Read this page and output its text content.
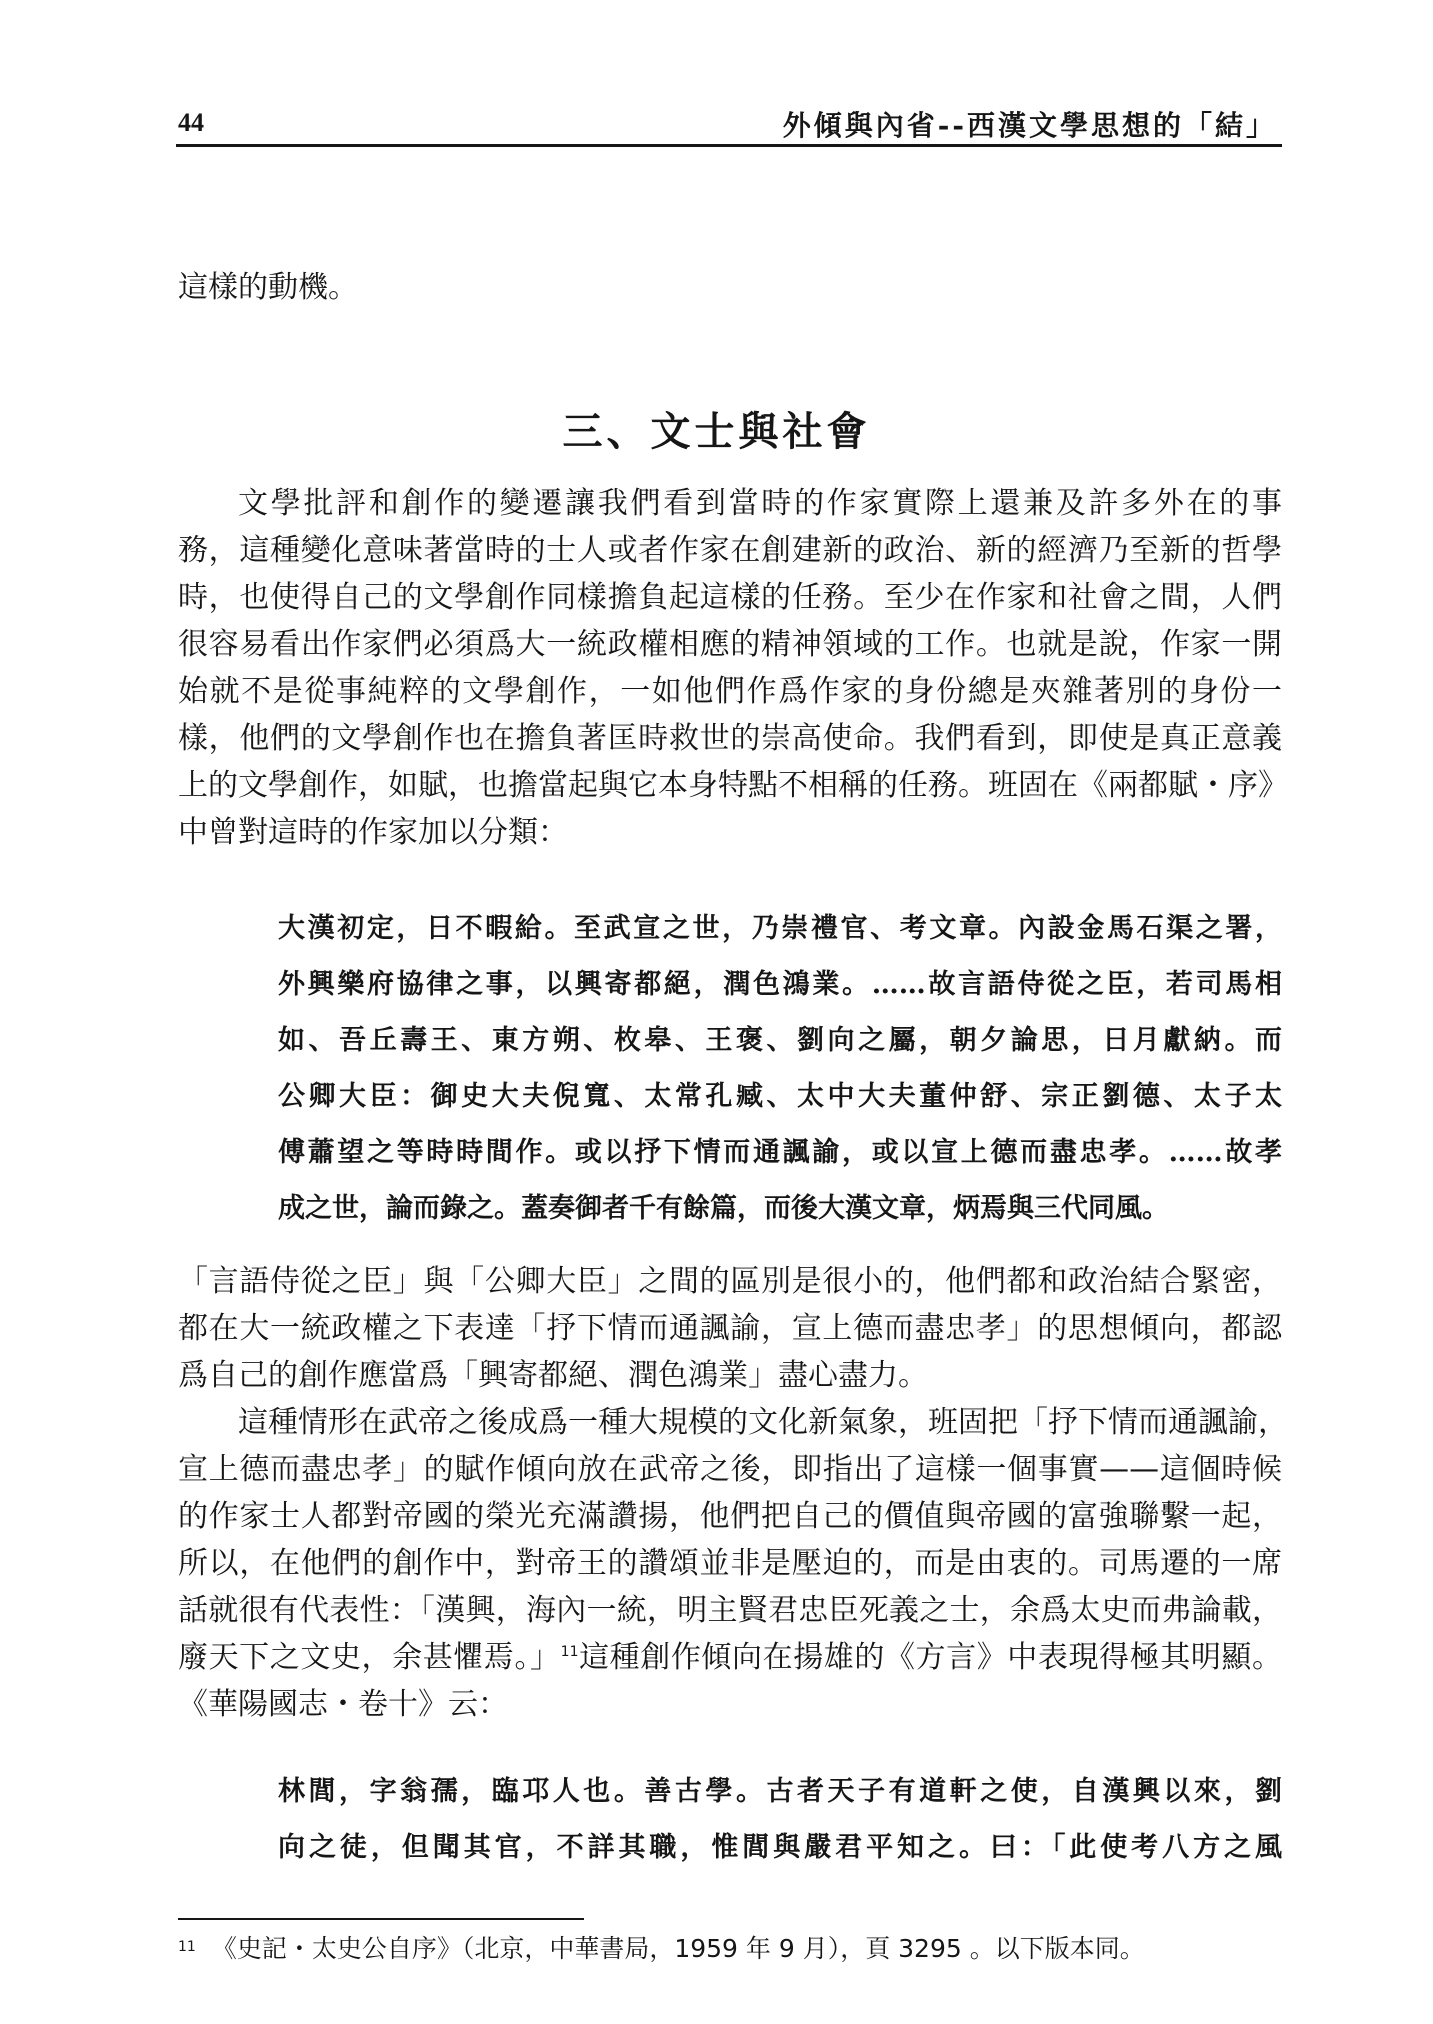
44	外傾與內省--西漢文學思想的「結」
這樣的動機。
三、文士與社會
文學批評和創作的變遷讓我們看到當時的作家實際上還兼及許多外在的事
務，這種變化意味著當時的士人或者作家在創建新的政治、新的經濟乃至新的哲學
時，也使得自己的文學創作同樣擔負起這樣的任務。至少在作家和社會之間，人們
很容易看出作家們必須爲大一統政權相應的精神領域的工作。也就是說，作家一開
始就不是從事純粹的文學創作，一如他們作爲作家的身份總是夾雜著別的身份一
樣，他們的文學創作也在擔負著匡時救世的崇高使命。我們看到，即使是真正意義
上的文學創作，如賦，也擔當起與它本身特點不相稱的任務。班固在《兩都賦・序》
中曾對這時的作家加以分類：
大漢初定，日不暇給。至武宣之世，乃崇禮官、考文章。內設金馬石渠之署，
外興樂府協律之事，以興寄都絕，潤色鴻業。……故言語侍從之臣，若司馬相
如、吾丘壽王、東方朔、枚皋、王褒、劉向之屬，朝夕論思，日月獻納。而
公卿大臣：御史大夫倪寬、太常孔臧、太中大夫董仲舒、宗正劉德、太子太
傅蕭望之等時時間作。或以抒下情而通諷諭，或以宣上德而盡忠孝。……故孝
成之世，論而錄之。蓋奏御者千有餘篇，而後大漢文章，炳焉與三代同風。
「言語侍從之臣」與「公卿大臣」之間的區別是很小的，他們都和政治結合緊密，
都在大一統政權之下表達「抒下情而通諷諭，宣上德而盡忠孝」的思想傾向，都認
爲自己的創作應當爲「興寄都絕、潤色鴻業」盡心盡力。
這種情形在武帝之後成爲一種大規模的文化新氣象，班固把「抒下情而通諷諭，
宣上德而盡忠孝」的賦作傾向放在武帝之後，即指出了這樣一個事實——這個時候
的作家士人都對帝國的榮光充滿讚揚，他們把自己的價值與帝國的富強聯繫一起，
所以，在他們的創作中，對帝王的讚頌並非是壓迫的，而是由衷的。司馬遷的一席
話就很有代表性：「漢興，海內一統，明主賢君忠臣死義之士，余爲太史而弗論載，
廢天下之文史，余甚懼焉。」$^{11}$這種創作傾向在揚雄的《方言》中表現得極其明顯。
《華陽國志・卷十》云：
林閭，字翁孺，臨邛人也。善古學。古者天子有道軒之使，自漢興以來，劉
向之徒，但聞其官，不詳其職，惟閭與嚴君平知之。曰：「此使考八方之風
$^{11}$ 《史記・太史公自序》（北京，中華書局，1959 年 9 月），頁 3295 。以下版本同。
